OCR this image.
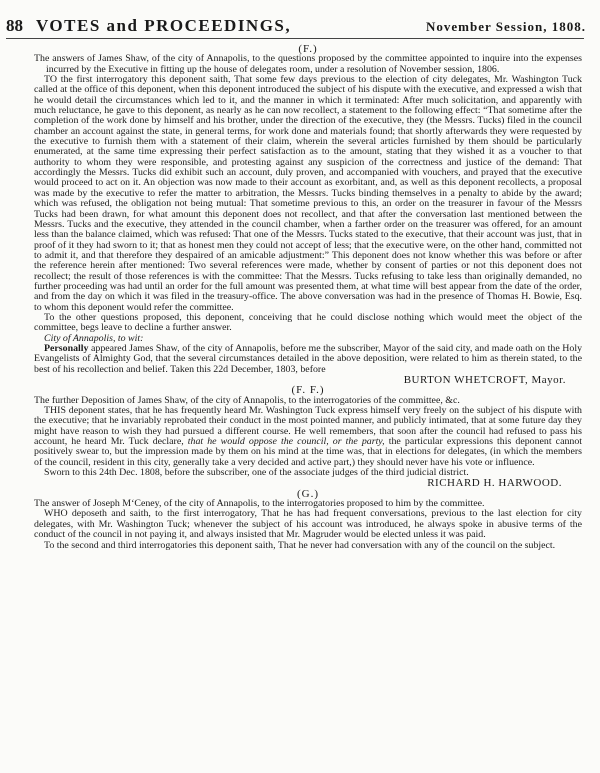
88 VOTES and PROCEEDINGS,	November Session, 1808.

(F.)

The answers of James Shaw, of the city of Annapolis, to the questions proposed by the committee appointed to inquire into the expenses incurred by the Executive in fitting up the house of delegates room, under a resolution of November session, 1806.

TO the first interrogatory this deponent saith, That some few days previous to the election of city delegates, Mr. Washington Tuck called at the office of this deponent, when this deponent introduced the subject of his dispute with the executive, and expressed a wish that he would detail the circumstances which led to it, and the manner in which it terminated: After much solicitation, and apparently with much reluctance, he gave to this deponent, as nearly as he can now recollect, a statement to the following effect: “That sometime after the completion of the work done by himself and his brother, under the direction of the executive, they (the Messrs. Tucks) filed in the council chamber an account against the state, in general terms, for work done and materials found; that shortly afterwards they were requested by the executive to furnish them with a statement of their claim, wherein the several articles furnished by them should be particularly enumerated, at the same time expressing their perfect satisfaction as to the amount, stating that they wished it as a voucher to that authority to whom they were responsible, and protesting against any suspicion of the correctness and justice of the demand: That accordingly the Messrs. Tucks did exhibit such an account, duly proven, and accompanied with vouchers, and prayed that the executive would proceed to act on it. An objection was now made to their account as exorbitant, and, as well as this deponent recollects, a proposal was made by the executive to refer the matter to arbitration, the Messrs. Tucks binding themselves in a penalty to abide by the award; which was refused, the obligation not being mutual: That sometime previous to this, an order on the treasurer in favour of the Messrs Tucks had been drawn, for what amount this deponent does not recollect, and that after the conversation last mentioned between the Messrs. Tucks and the executive, they attended in the council chamber, when a farther order on the treasurer was offered, for an amount less than the balance claimed, which was refused: That one of the Messrs. Tucks stated to the executive, that their account was just, that in proof of it they had sworn to it; that as honest men they could not accept of less; that the executive were, on the other hand, committed not to admit it, and that therefore they despaired of an amicable adjustment:” This deponent does not know whether this was before or after the reference herein after mentioned: Two several references were made, whether by consent of parties or not this deponent does not recollect; the result of those references is with the committee: That the Messrs. Tucks refusing to take less than originally demanded, no further proceeding was had until an order for the full amount was presented them, at what time will best appear from the date of the order, and from the day on which it was filed in the treasury-office. The above conversation was had in the presence of Thomas H. Bowie, Esq. to whom this deponent would refer the committee.

To the other questions proposed, this deponent, conceiving that he could disclose nothing which would meet the object of the committee, begs leave to decline a further answer.

City of Annapolis, to wit:

Personally appeared James Shaw, of the city of Annapolis, before me the subscriber, Mayor of the said city, and made oath on the Holy Evangelists of Almighty God, that the several circumstances detailed in the above deposition, were related to him as therein stated, to the best of his recollection and belief. Taken this 22d December, 1803, before

BURTON WHETCROFT, Mayor.

(F. F.)

The further Deposition of James Shaw, of the city of Annapolis, to the interrogatories of the committee, &c.

THIS deponent states, that he has frequently heard Mr. Washington Tuck express himself very freely on the subject of his dispute with the executive; that he invariably reprobated their conduct in the most pointed manner, and publicly intimated, that at some future day they might have reason to wish they had pursued a different course. He well remembers, that soon after the council had refused to pass his account, he heard Mr. Tuck declare, that he would oppose the council, or the party, the particular expressions this deponent cannot positively swear to, but the impression made by them on his mind at the time was, that in elections for delegates, (in which the members of the council, resident in this city, generally take a very decided and active part,) they should never have his vote or influence.

Sworn to this 24th Dec. 1808, before the subscriber, one of the associate judges of the third judicial district.

RICHARD H. HARWOOD.

(G.)

The answer of Joseph M‘Ceney, of the city of Annapolis, to the interrogatories proposed to him by the committee.

WHO deposeth and saith, to the first interrogatory, That he has had frequent conversations, previous to the last election for city delegates, with Mr. Washington Tuck; whenever the subject of his account was introduced, he always spoke in abusive terms of the conduct of the council in not paying it, and always insisted that Mr. Magruder would be elected unless it was paid.

To the second and third interrogatories this deponent saith, That he never had conversation with any of the council on the subject.
